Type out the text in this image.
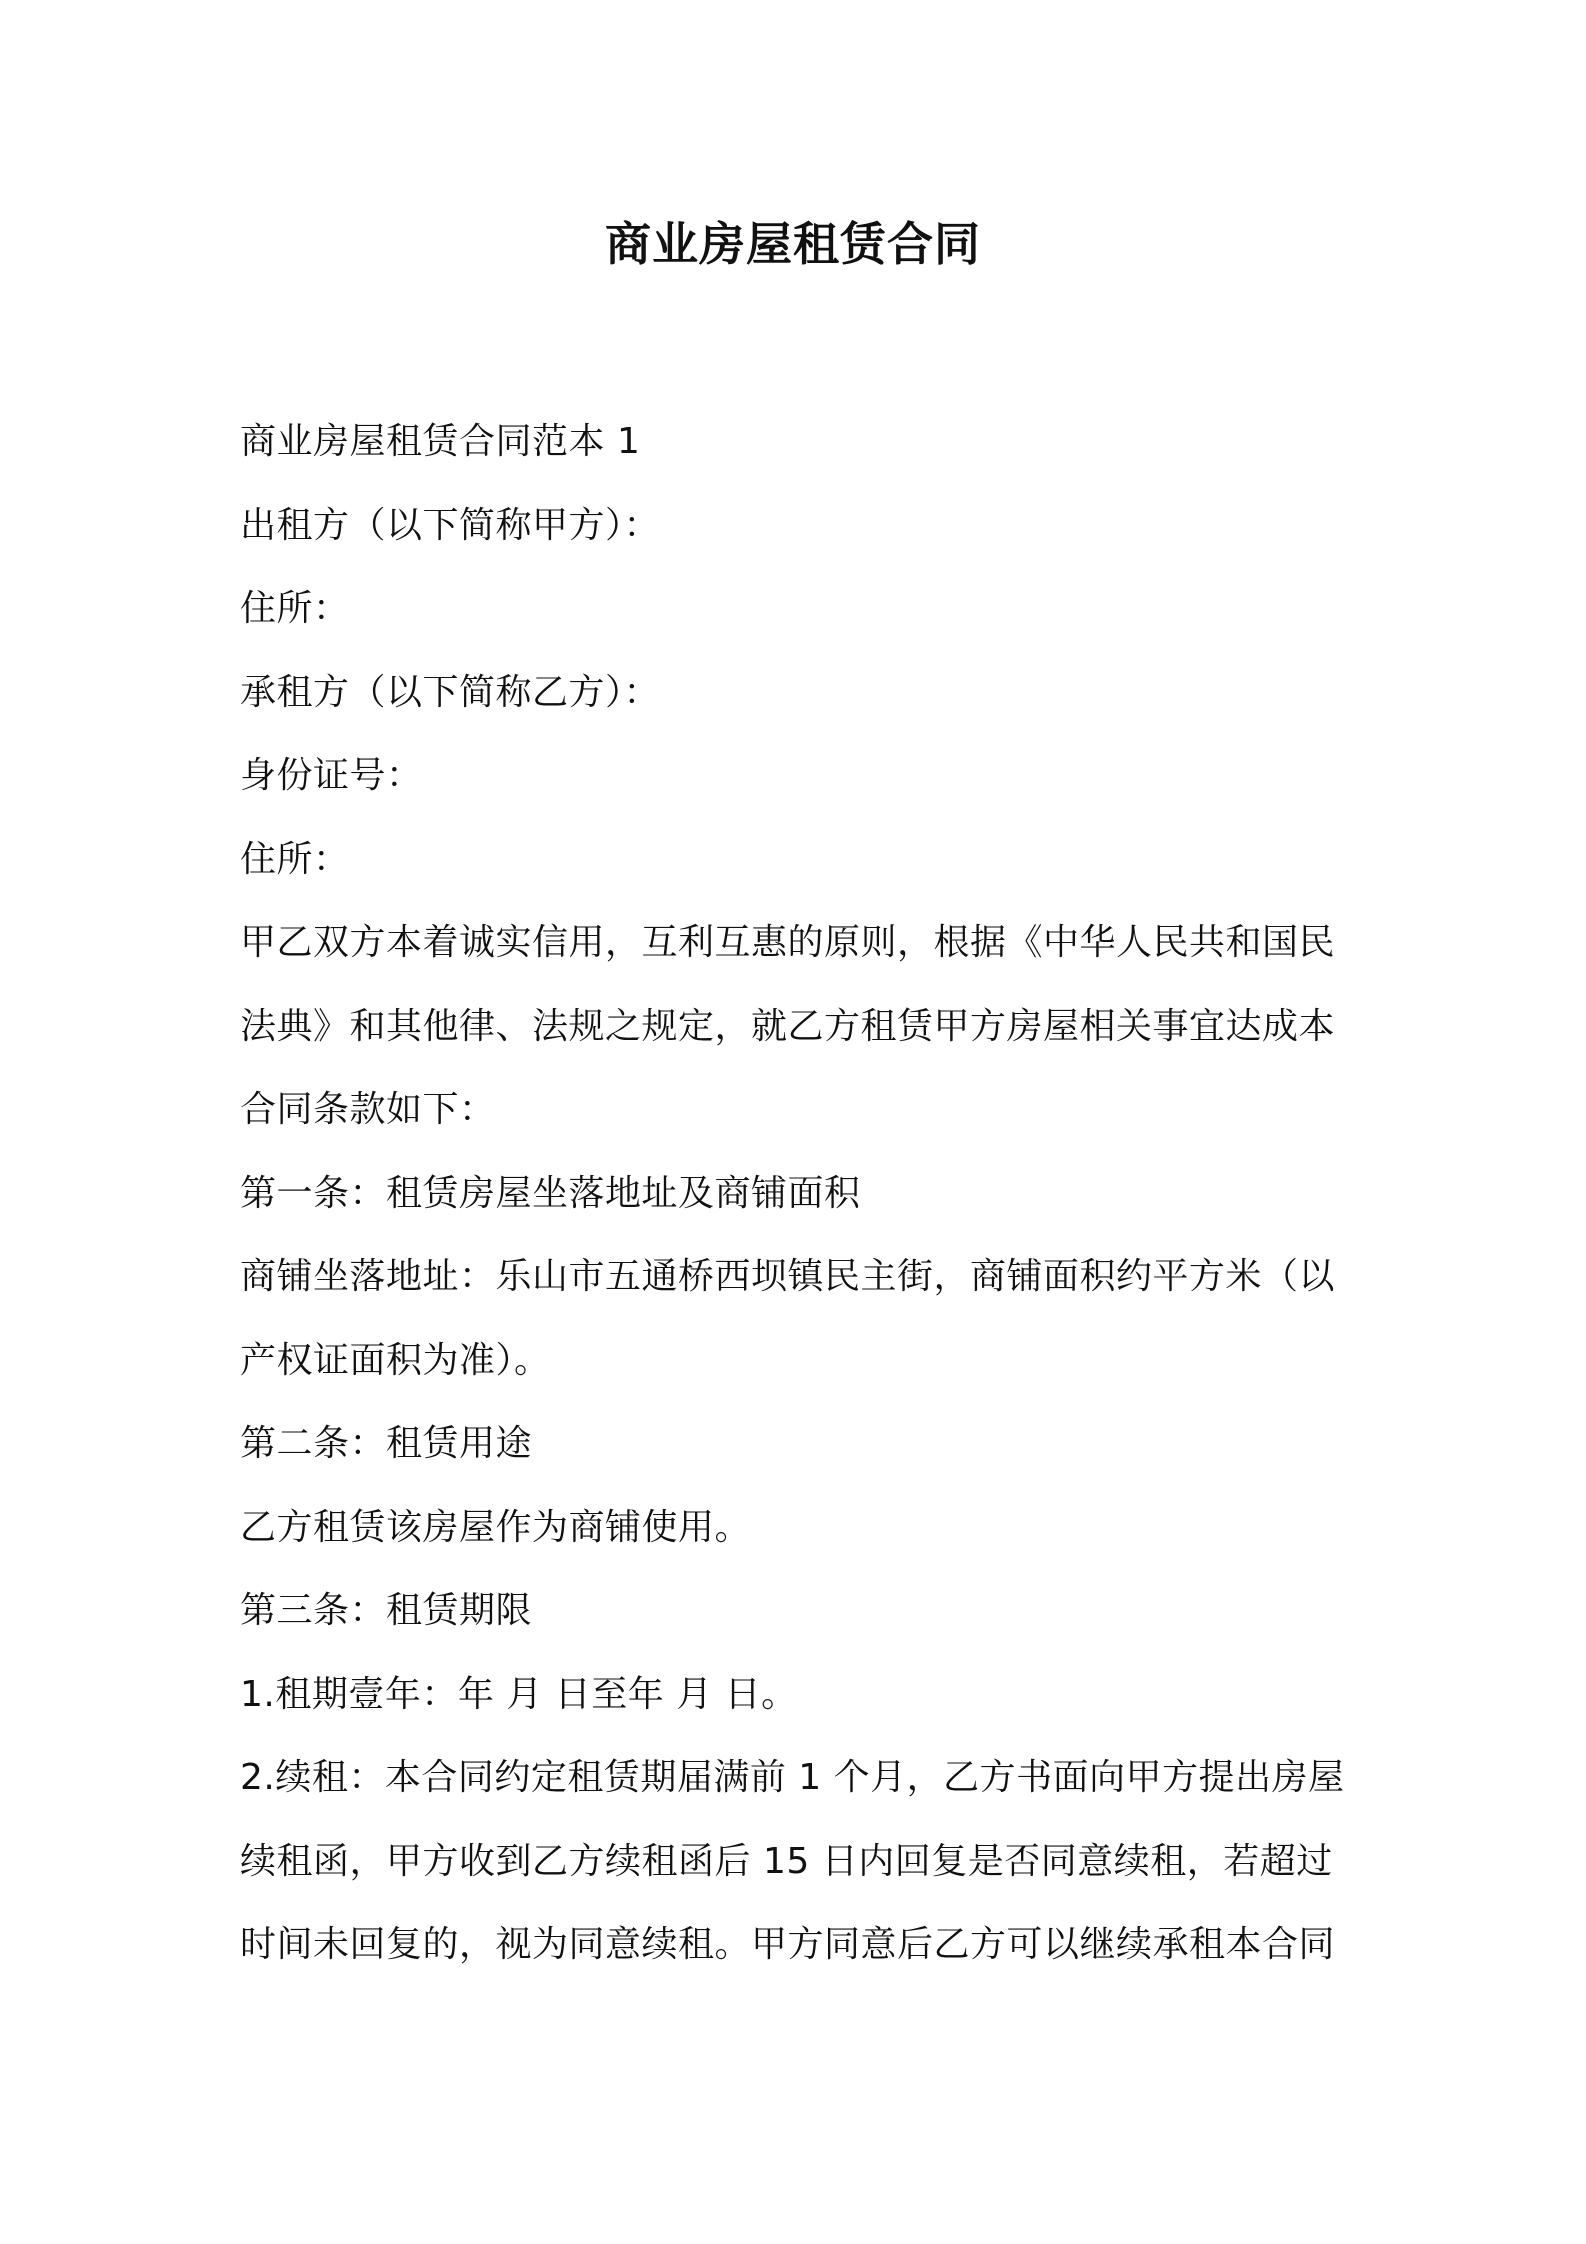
商业房屋租赁合同

商业房屋租赁合同范本 1

出租方（以下简称甲方）：

住所：

承租方（以下简称乙方）：

身份证号：

住所：

甲乙双方本着诚实信用，互利互惠的原则，根据《中华人民共和国民

法典》和其他律、法规之规定，就乙方租赁甲方房屋相关事宜达成本

合同条款如下：

第一条：租赁房屋坐落地址及商铺面积

商铺坐落地址：乐山市五通桥西坝镇民主街，商铺面积约平方米（以

产权证面积为准）。

第二条：租赁用途

乙方租赁该房屋作为商铺使用。

第三条：租赁期限

1.租期壹年：年 月 日至年 月 日。

2.续租：本合同约定租赁期届满前 1 个月，乙方书面向甲方提出房屋

续租函，甲方收到乙方续租函后 15 日内回复是否同意续租，若超过

时间未回复的，视为同意续租。甲方同意后乙方可以继续承租本合同
